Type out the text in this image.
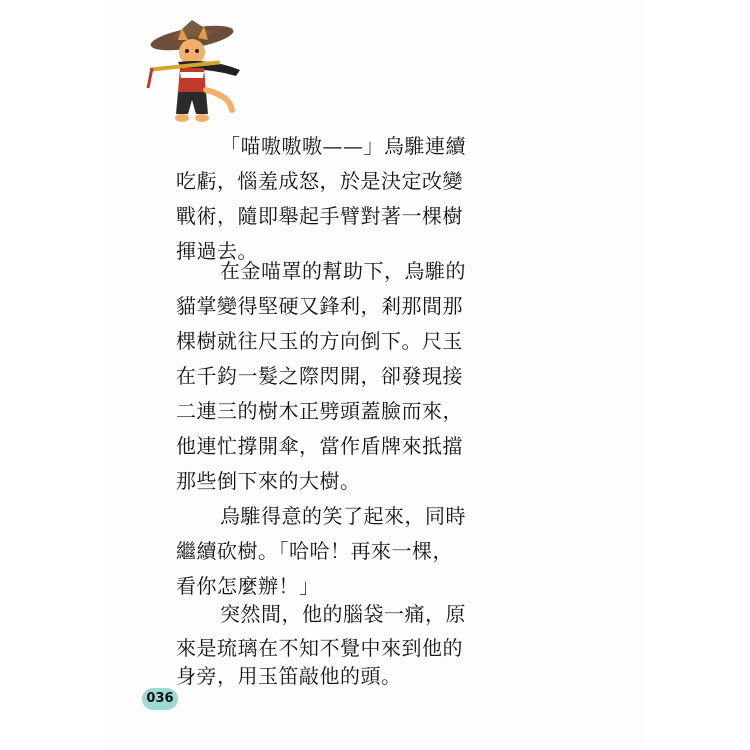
「喵嗷嗷嗷——」烏騅連續
吃虧，惱羞成怒，於是決定改變
戰術，隨即舉起手臂對著一棵樹
揮過去。
在金喵罩的幫助下，烏騅的
貓掌變得堅硬又鋒利，剎那間那
棵樹就往尺玉的方向倒下。尺玉
在千鈞一髮之際閃開，卻發現接
二連三的樹木正劈頭蓋臉而來，
他連忙撐開傘，當作盾牌來抵擋
那些倒下來的大樹。
烏騅得意的笑了起來，同時
繼續砍樹。「哈哈！再來一棵，
看你怎麼辦！」
突然間，他的腦袋一痛，原
來是琉璃在不知不覺中來到他的
身旁，用玉笛敲他的頭。
036
